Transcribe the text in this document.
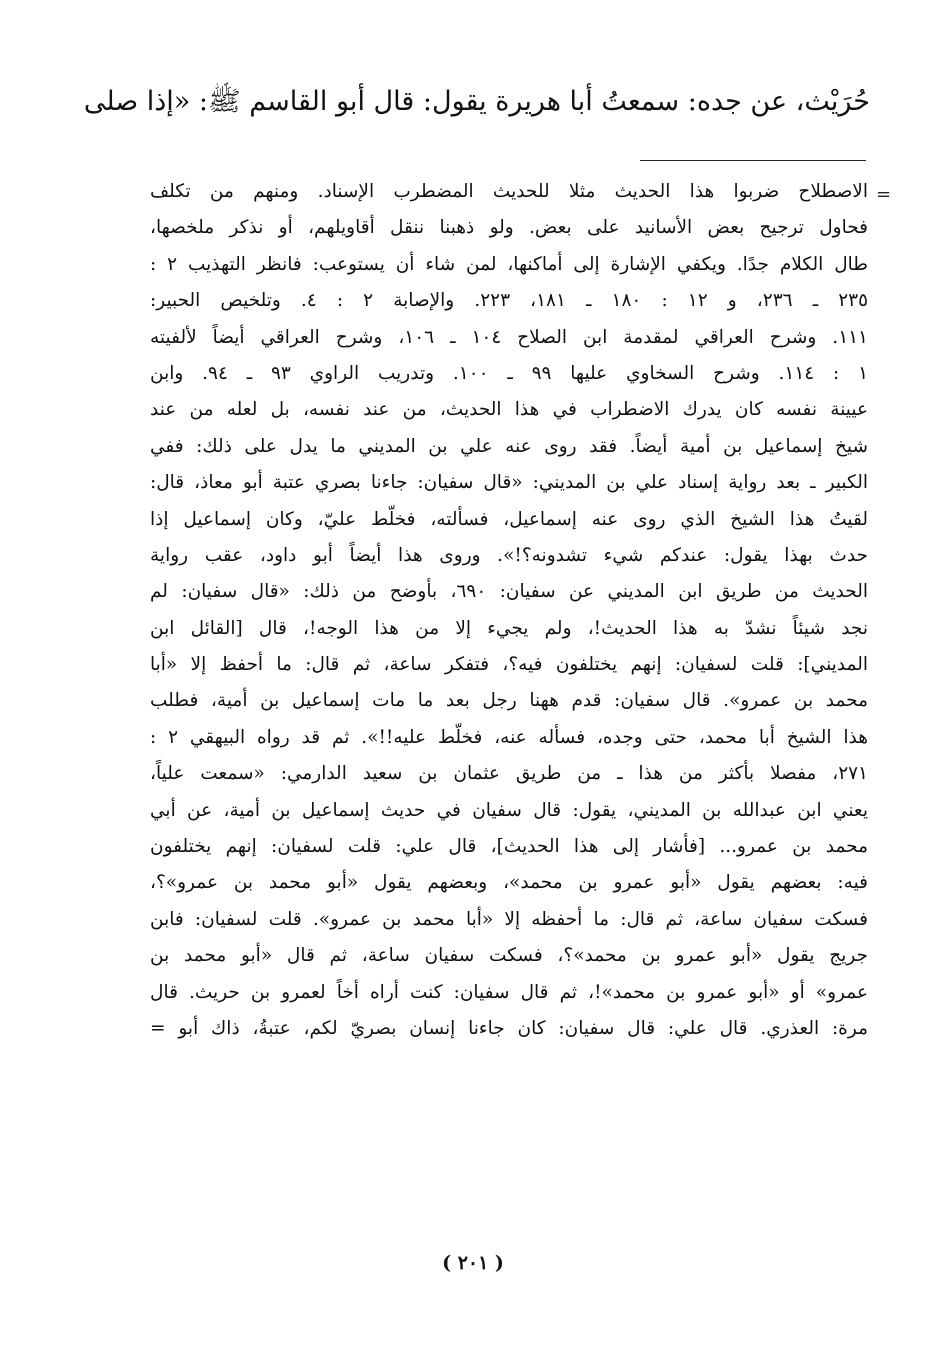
حُرَيْث، عن جده: سمعتُ أبا هريرة يقول: قال أبو القاسم ﷺ: «إذا صلى
=
الاصطلاح ضربوا هذا الحديث مثلا للحديث المضطرب الإسناد. ومنهم من تكلف
فحاول ترجيح بعض الأسانيد على بعض. ولو ذهبنا ننقل أقاويلهم، أو نذكر ملخصها،
طال الكلام جدًا. ويكفي الإشارة إلى أماكنها، لمن شاء أن يستوعب: فانظر التهذيب ٢ :
٢٣٥ ـ ٢٣٦، و ١٢ : ١٨٠ ـ ١٨١، ٢٢٣. والإصابة ٢ : ٤. وتلخيص الحبير:
١١١. وشرح العراقي لمقدمة ابن الصلاح ١٠٤ ـ ١٠٦، وشرح العراقي أيضاً لألفيته
١ : ١١٤. وشرح السخاوي عليها ٩٩ ـ ١٠٠. وتدريب الراوي ٩٣ ـ ٩٤. وابن
عيينة نفسه كان يدرك الاضطراب في هذا الحديث، من عند نفسه، بل لعله من عند
شيخ إسماعيل بن أمية أيضاً. فقد روى عنه علي بن المديني ما يدل على ذلك: ففي
الكبير ـ بعد رواية إسناد علي بن المديني: «قال سفيان: جاءنا بصري عتبة أبو معاذ، قال:
لقيتُ هذا الشيخ الذي روى عنه إسماعيل، فسألته، فخلّط عليّ، وكان إسماعيل إذا
حدث بهذا يقول: عندكم شيء تشدونه؟!». وروى هذا أيضاً أبو داود، عقب رواية
الحديث من طريق ابن المديني عن سفيان: ٦٩٠، بأوضح من ذلك: «قال سفيان: لم
نجد شيئاً نشدّ به هذا الحديث!، ولم يجيء إلا من هذا الوجه!، قال [القائل ابن
المديني]: قلت لسفيان: إنهم يختلفون فيه؟، فتفكر ساعة، ثم قال: ما أحفظ إلا «أبا
محمد بن عمرو». قال سفيان: قدم ههنا رجل بعد ما مات إسماعيل بن أمية، فطلب
هذا الشيخ أبا محمد، حتى وجده، فسأله عنه، فخلّط عليه!!». ثم قد رواه البيهقي ٢ :
٢٧١، مفصلا بأكثر من هذا ـ من طريق عثمان بن سعيد الدارمي: «سمعت علياً،
يعني ابن عبدالله بن المديني، يقول: قال سفيان في حديث إسماعيل بن أمية، عن أبي
محمد بن عمرو... [فأشار إلى هذا الحديث]، قال علي: قلت لسفيان: إنهم يختلفون
فيه: بعضهم يقول «أبو عمرو بن محمد»، وبعضهم يقول «أبو محمد بن عمرو»؟،
فسكت سفيان ساعة، ثم قال: ما أحفظه إلا «أبا محمد بن عمرو». قلت لسفيان: فابن
جريج يقول «أبو عمرو بن محمد»؟، فسكت سفيان ساعة، ثم قال «أبو محمد بن
عمرو» أو «أبو عمرو بن محمد»!، ثم قال سفيان: كنت أراه أخاً لعمرو بن حريث. قال
مرة: العذري. قال علي: قال سفيان: كان جاءنا إنسان بصريّ لكم، عتبةُ، ذاك أبو =
( ٢٠١ )
